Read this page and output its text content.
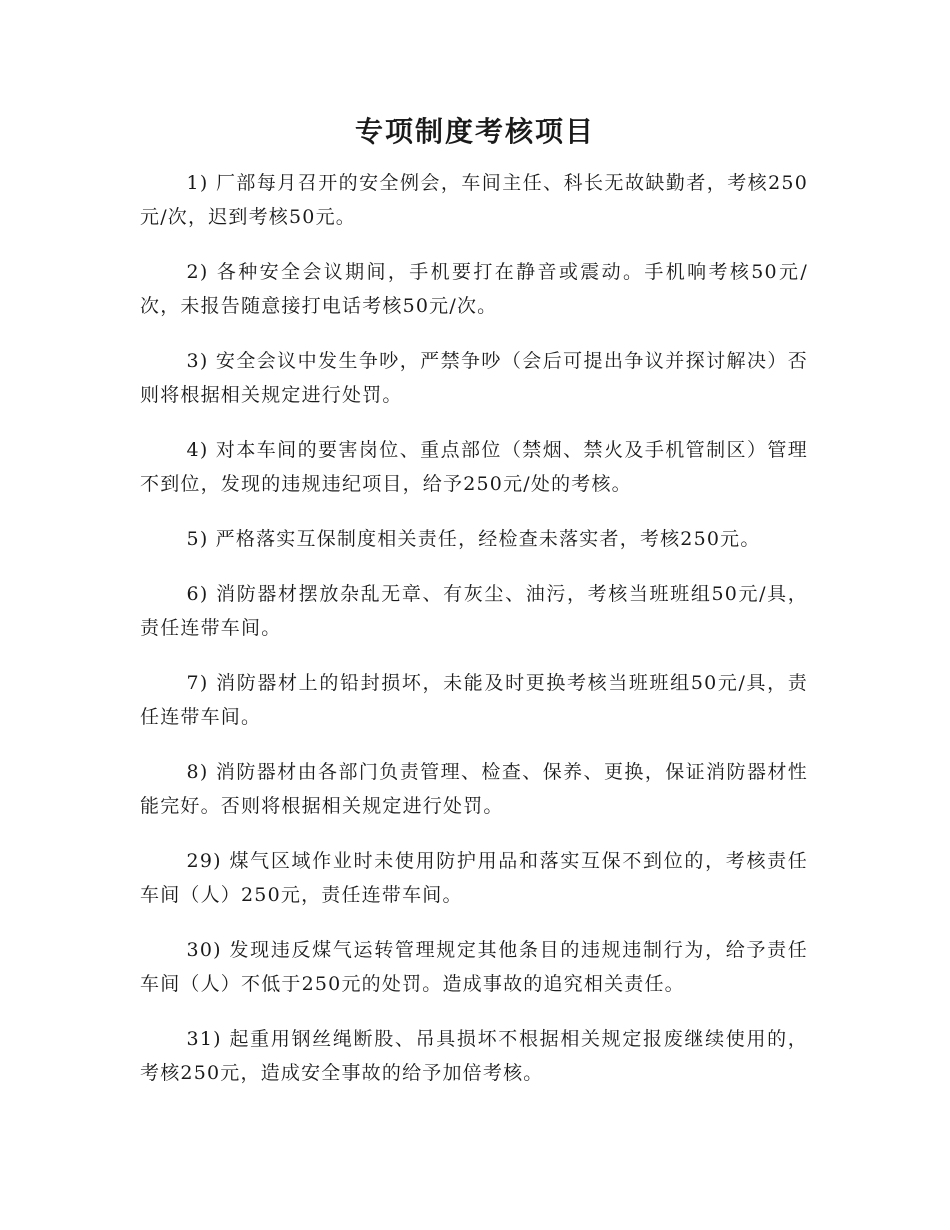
专项制度考核项目

1) 厂部每月召开的安全例会，车间主任、科长无故缺勤者，考核250元/次，迟到考核50元。

2) 各种安全会议期间，手机要打在静音或震动。手机响考核50元/次，未报告随意接打电话考核50元/次。

3) 安全会议中发生争吵，严禁争吵（会后可提出争议并探讨解决）否则将根据相关规定进行处罚。

4) 对本车间的要害岗位、重点部位（禁烟、禁火及手机管制区）管理不到位，发现的违规违纪项目，给予250元/处的考核。

5) 严格落实互保制度相关责任，经检查未落实者，考核250元。

6) 消防器材摆放杂乱无章、有灰尘、油污，考核当班班组50元/具，责任连带车间。

7) 消防器材上的铅封损坏，未能及时更换考核当班班组50元/具，责任连带车间。

8) 消防器材由各部门负责管理、检查、保养、更换，保证消防器材性能完好。否则将根据相关规定进行处罚。

29) 煤气区域作业时未使用防护用品和落实互保不到位的，考核责任车间（人）250元，责任连带车间。

30) 发现违反煤气运转管理规定其他条目的违规违制行为，给予责任车间（人）不低于250元的处罚。造成事故的追究相关责任。

31) 起重用钢丝绳断股、吊具损坏不根据相关规定报废继续使用的，考核250元，造成安全事故的给予加倍考核。
